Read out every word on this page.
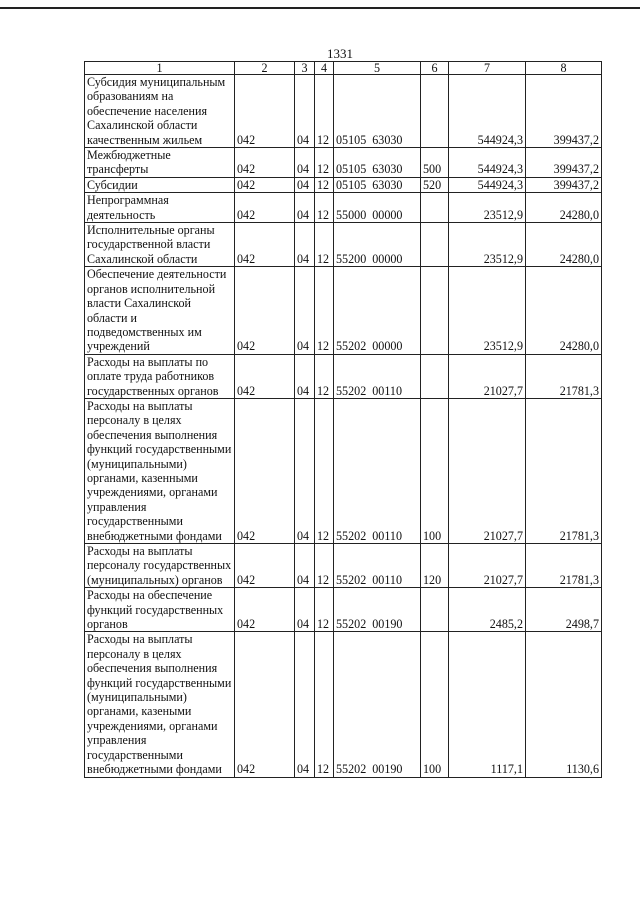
1331
1	2	3	4	5	6	7	8
Субсидия муниципальным образованиям на обеспечение населения Сахалинской области качественным жильем	042	04	12	05105 63030		544924,3	399437,2
Межбюджетные трансферты	042	04	12	05105 63030	500	544924,3	399437,2
Субсидии	042	04	12	05105 63030	520	544924,3	399437,2
Непрограммная деятельность	042	04	12	55000 00000		23512,9	24280,0
Исполнительные органы государственной власти Сахалинской области	042	04	12	55200 00000		23512,9	24280,0
Обеспечение деятельности органов исполнительной власти Сахалинской области и подведомственных им учреждений	042	04	12	55202 00000		23512,9	24280,0
Расходы на выплаты по оплате труда работников государственных органов	042	04	12	55202 00110		21027,7	21781,3
Расходы на выплаты персоналу в целях обеспечения выполнения функций государственными (муниципальными) органами, казенными учреждениями, органами управления государственными внебюджетными фондами	042	04	12	55202 00110	100	21027,7	21781,3
Расходы на выплаты персоналу государственных (муниципальных) органов	042	04	12	55202 00110	120	21027,7	21781,3
Расходы на обеспечение функций государственных органов	042	04	12	55202 00190		2485,2	2498,7
Расходы на выплаты персоналу в целях обеспечения выполнения функций государственными (муниципальными) органами, казеными учреждениями, органами управления государственными внебюджетными фондами	042	04	12	55202 00190	100	1117,1	1130,6
